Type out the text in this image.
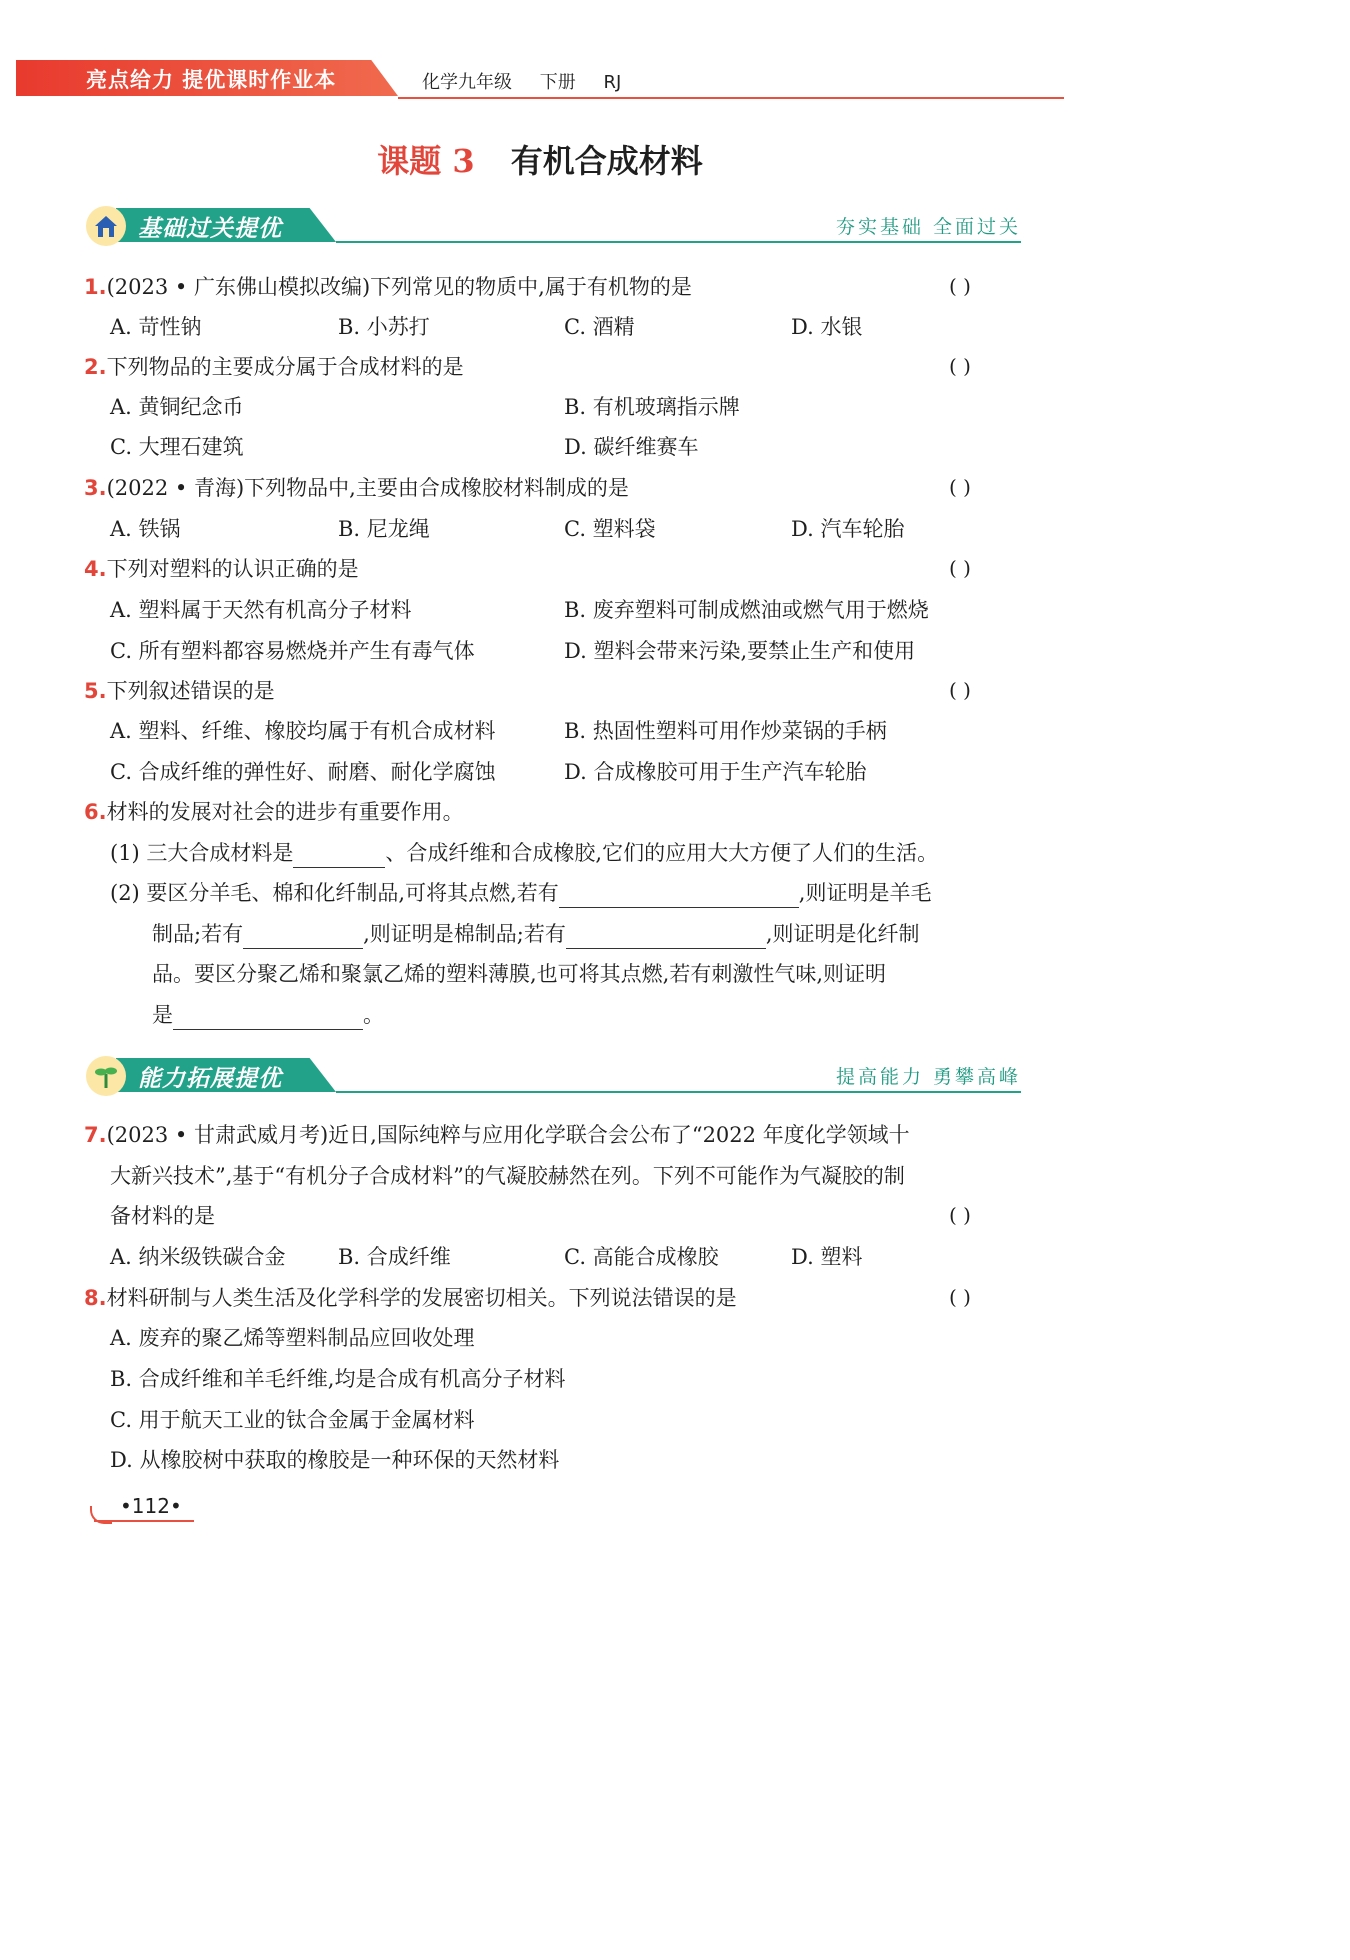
亮点给力 提优课时作业本	化学九年级 下册 RJ
课题 3 有机合成材料
基础过关提优	夯实基础 全面过关
1.(2023 • 广东佛山模拟改编)下列常见的物质中,属于有机物的是	( )
A. 苛性钠	B. 小苏打	C. 酒精	D. 水银
2.下列物品的主要成分属于合成材料的是	( )
A. 黄铜纪念币	B. 有机玻璃指示牌
C. 大理石建筑	D. 碳纤维赛车
3.(2022 • 青海)下列物品中,主要由合成橡胶材料制成的是	( )
A. 铁锅	B. 尼龙绳	C. 塑料袋	D. 汽车轮胎
4.下列对塑料的认识正确的是	( )
A. 塑料属于天然有机高分子材料	B. 废弃塑料可制成燃油或燃气用于燃烧
C. 所有塑料都容易燃烧并产生有毒气体	D. 塑料会带来污染,要禁止生产和使用
5.下列叙述错误的是	( )
A. 塑料、纤维、橡胶均属于有机合成材料	B. 热固性塑料可用作炒菜锅的手柄
C. 合成纤维的弹性好、耐磨、耐化学腐蚀	D. 合成橡胶可用于生产汽车轮胎
6.材料的发展对社会的进步有重要作用。
(1) 三大合成材料是	、合成纤维和合成橡胶,它们的应用大大方便了人们的生活。
(2) 要区分羊毛、棉和化纤制品,可将其点燃,若有	,则证明是羊毛
制品;若有	,则证明是棉制品;若有	,则证明是化纤制
品。要区分聚乙烯和聚氯乙烯的塑料薄膜,也可将其点燃,若有刺激性气味,则证明
是	。
能力拓展提优	提高能力 勇攀高峰
7.(2023 • 甘肃武威月考)近日,国际纯粹与应用化学联合会公布了“2022 年度化学领域十
大新兴技术”,基于“有机分子合成材料”的气凝胶赫然在列。下列不可能作为气凝胶的制
备材料的是	( )
A. 纳米级铁碳合金 B. 合成纤维	C. 高能合成橡胶	D. 塑料
8.材料研制与人类生活及化学科学的发展密切相关。下列说法错误的是	( )
A. 废弃的聚乙烯等塑料制品应回收处理
B. 合成纤维和羊毛纤维,均是合成有机高分子材料
C. 用于航天工业的钛合金属于金属材料
D. 从橡胶树中获取的橡胶是一种环保的天然材料
•112•
